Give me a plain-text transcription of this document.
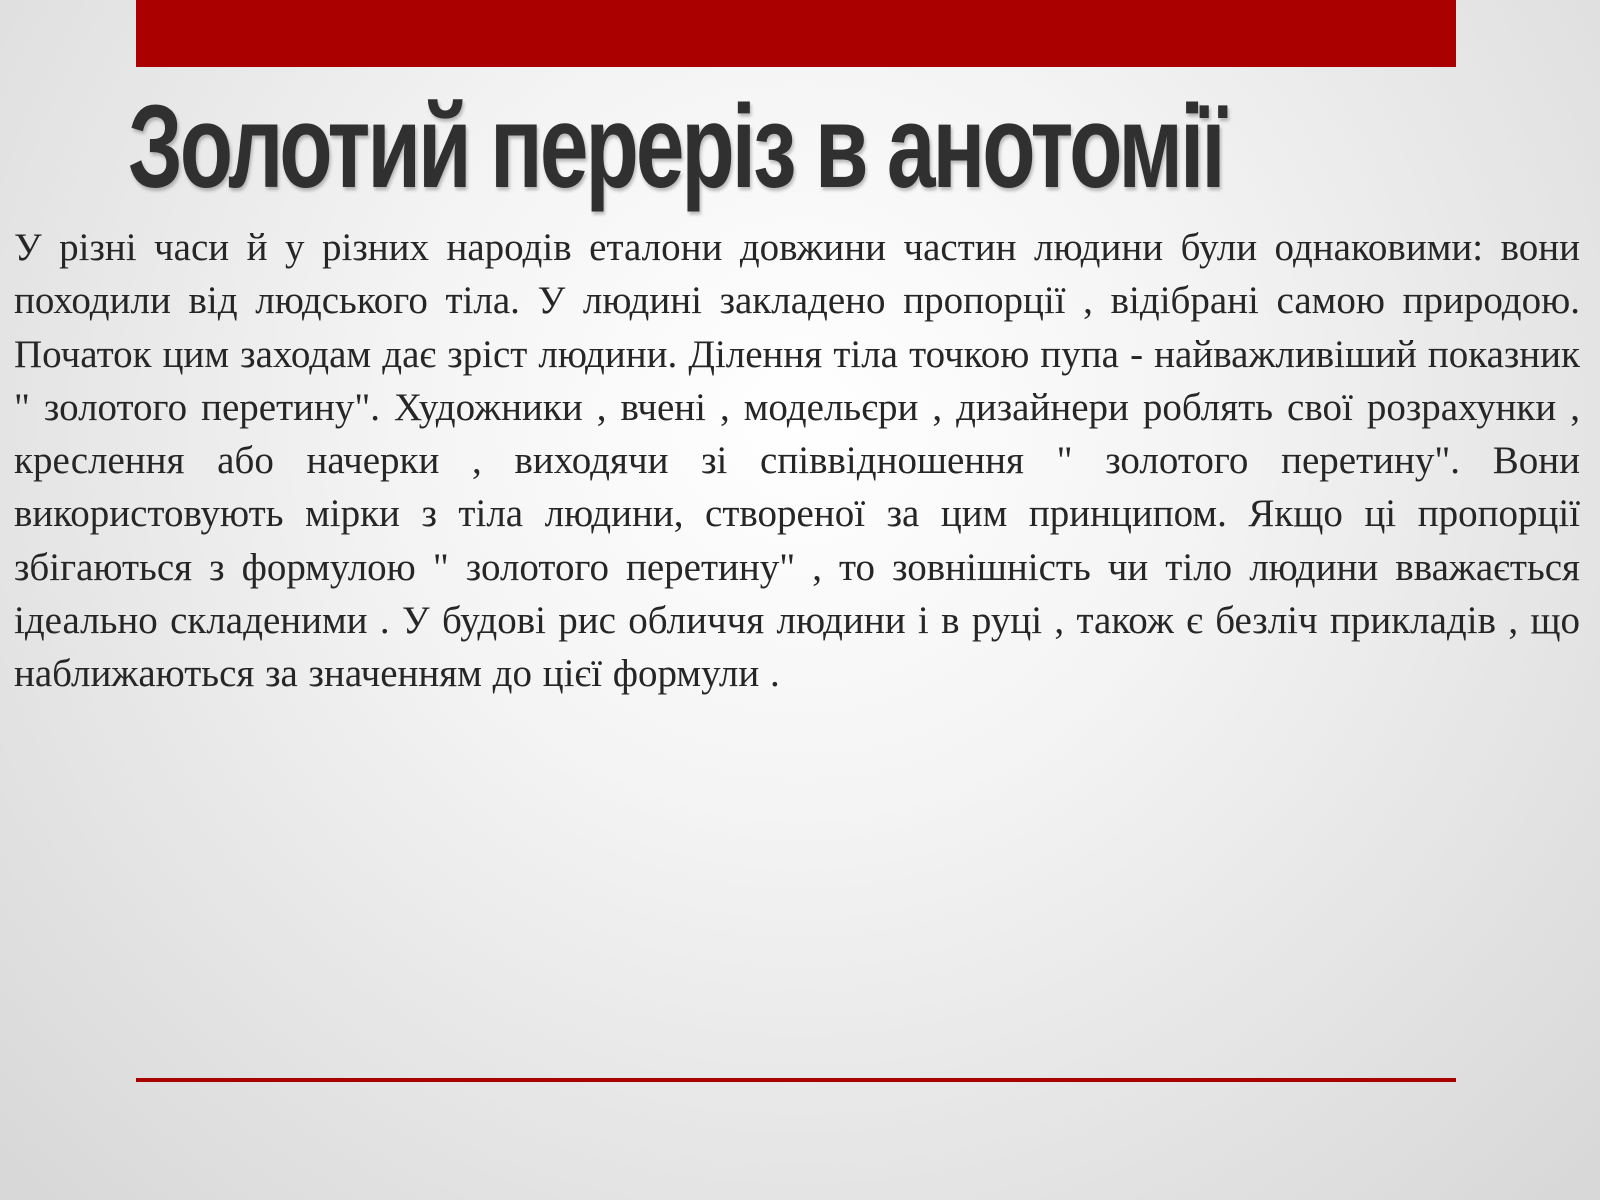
Золотий переріз в анотомії

У різні часи й у різних народів еталони довжини частин людини були однаковими: вони походили від людського тіла. У людині закладено пропорції , відібрані самою природою. Початок цим заходам дає зріст людини. Ділення тіла точкою пупа - найважливіший показник " золотого перетину". Художники , вчені , модельєри , дизайнери роблять свої розрахунки , креслення або начерки , виходячи зі співвідношення " золотого перетину". Вони використовують мірки з тіла людини, створеної за цим принципом. Якщо ці пропорції збігаються з формулою " золотого перетину" , то зовнішність чи тіло людини вважається ідеально складеними . У будові рис обличчя людини і в руці , також є безліч прикладів , що наближаються за значенням до цієї формули .
